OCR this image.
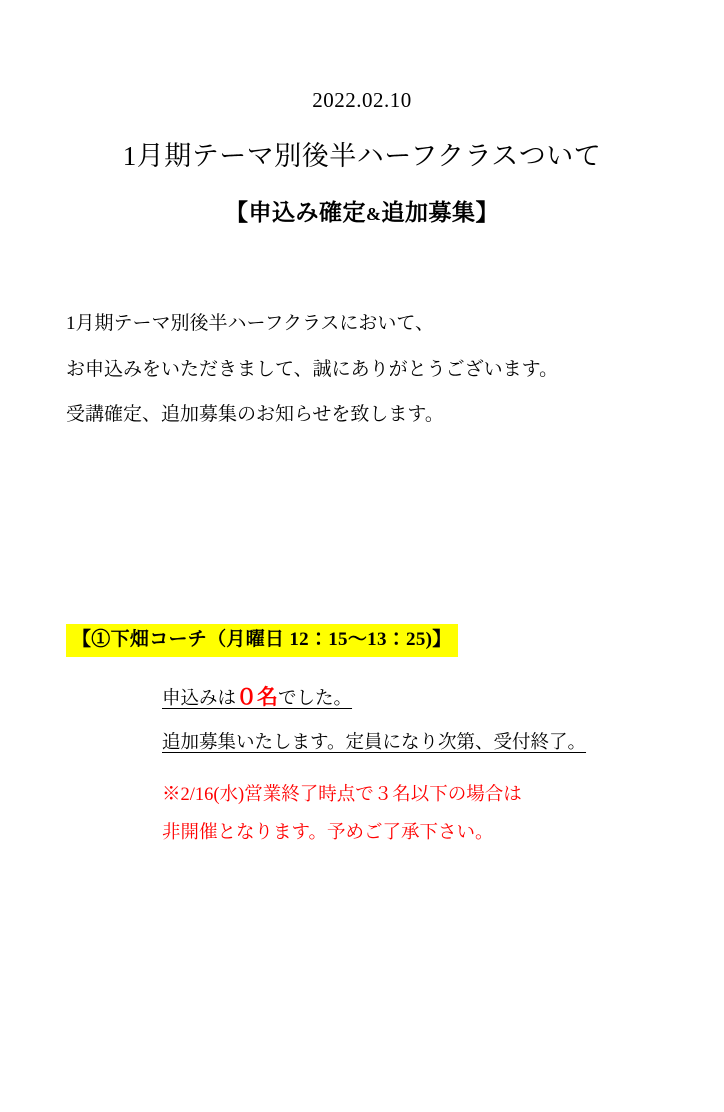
2022.02.10
1月期テーマ別後半ハーフクラスついて
【申込み確定&追加募集】
1月期テーマ別後半ハーフクラスにおいて、
お申込みをいただきまして、誠にありがとうございます。
受講確定、追加募集のお知らせを致します。
【①下畑コーチ（月曜日 12：15〜13：25)】
申込みは０名でした。
追加募集いたします。定員になり次第、受付終了。
※2/16(水)営業終了時点で３名以下の場合は
非開催となります。予めご了承下さい。
